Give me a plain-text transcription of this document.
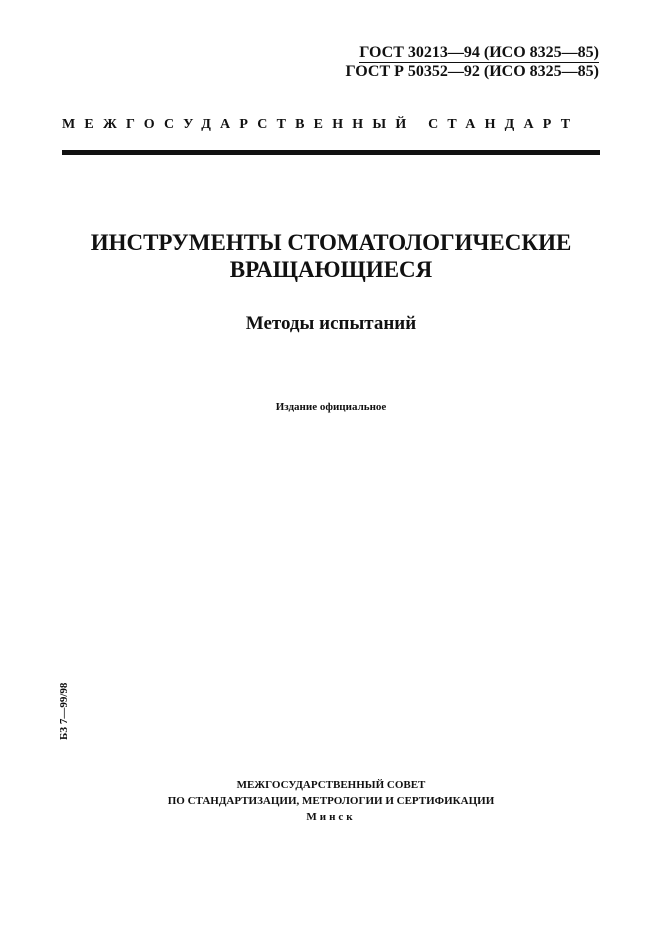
ГОСТ 30213—94 (ИСО 8325—85)
ГОСТ Р 50352—92 (ИСО 8325—85)
МЕЖГОСУДАРСТВЕННЫЙ СТАНДАРТ
ИНСТРУМЕНТЫ СТОМАТОЛОГИЧЕСКИЕ
ВРАЩАЮЩИЕСЯ
Методы испытаний
Издание официальное
БЗ 7—99/98
МЕЖГОСУДАРСТВЕННЫЙ СОВЕТ
ПО СТАНДАРТИЗАЦИИ, МЕТРОЛОГИИ И СЕРТИФИКАЦИИ
Минск
